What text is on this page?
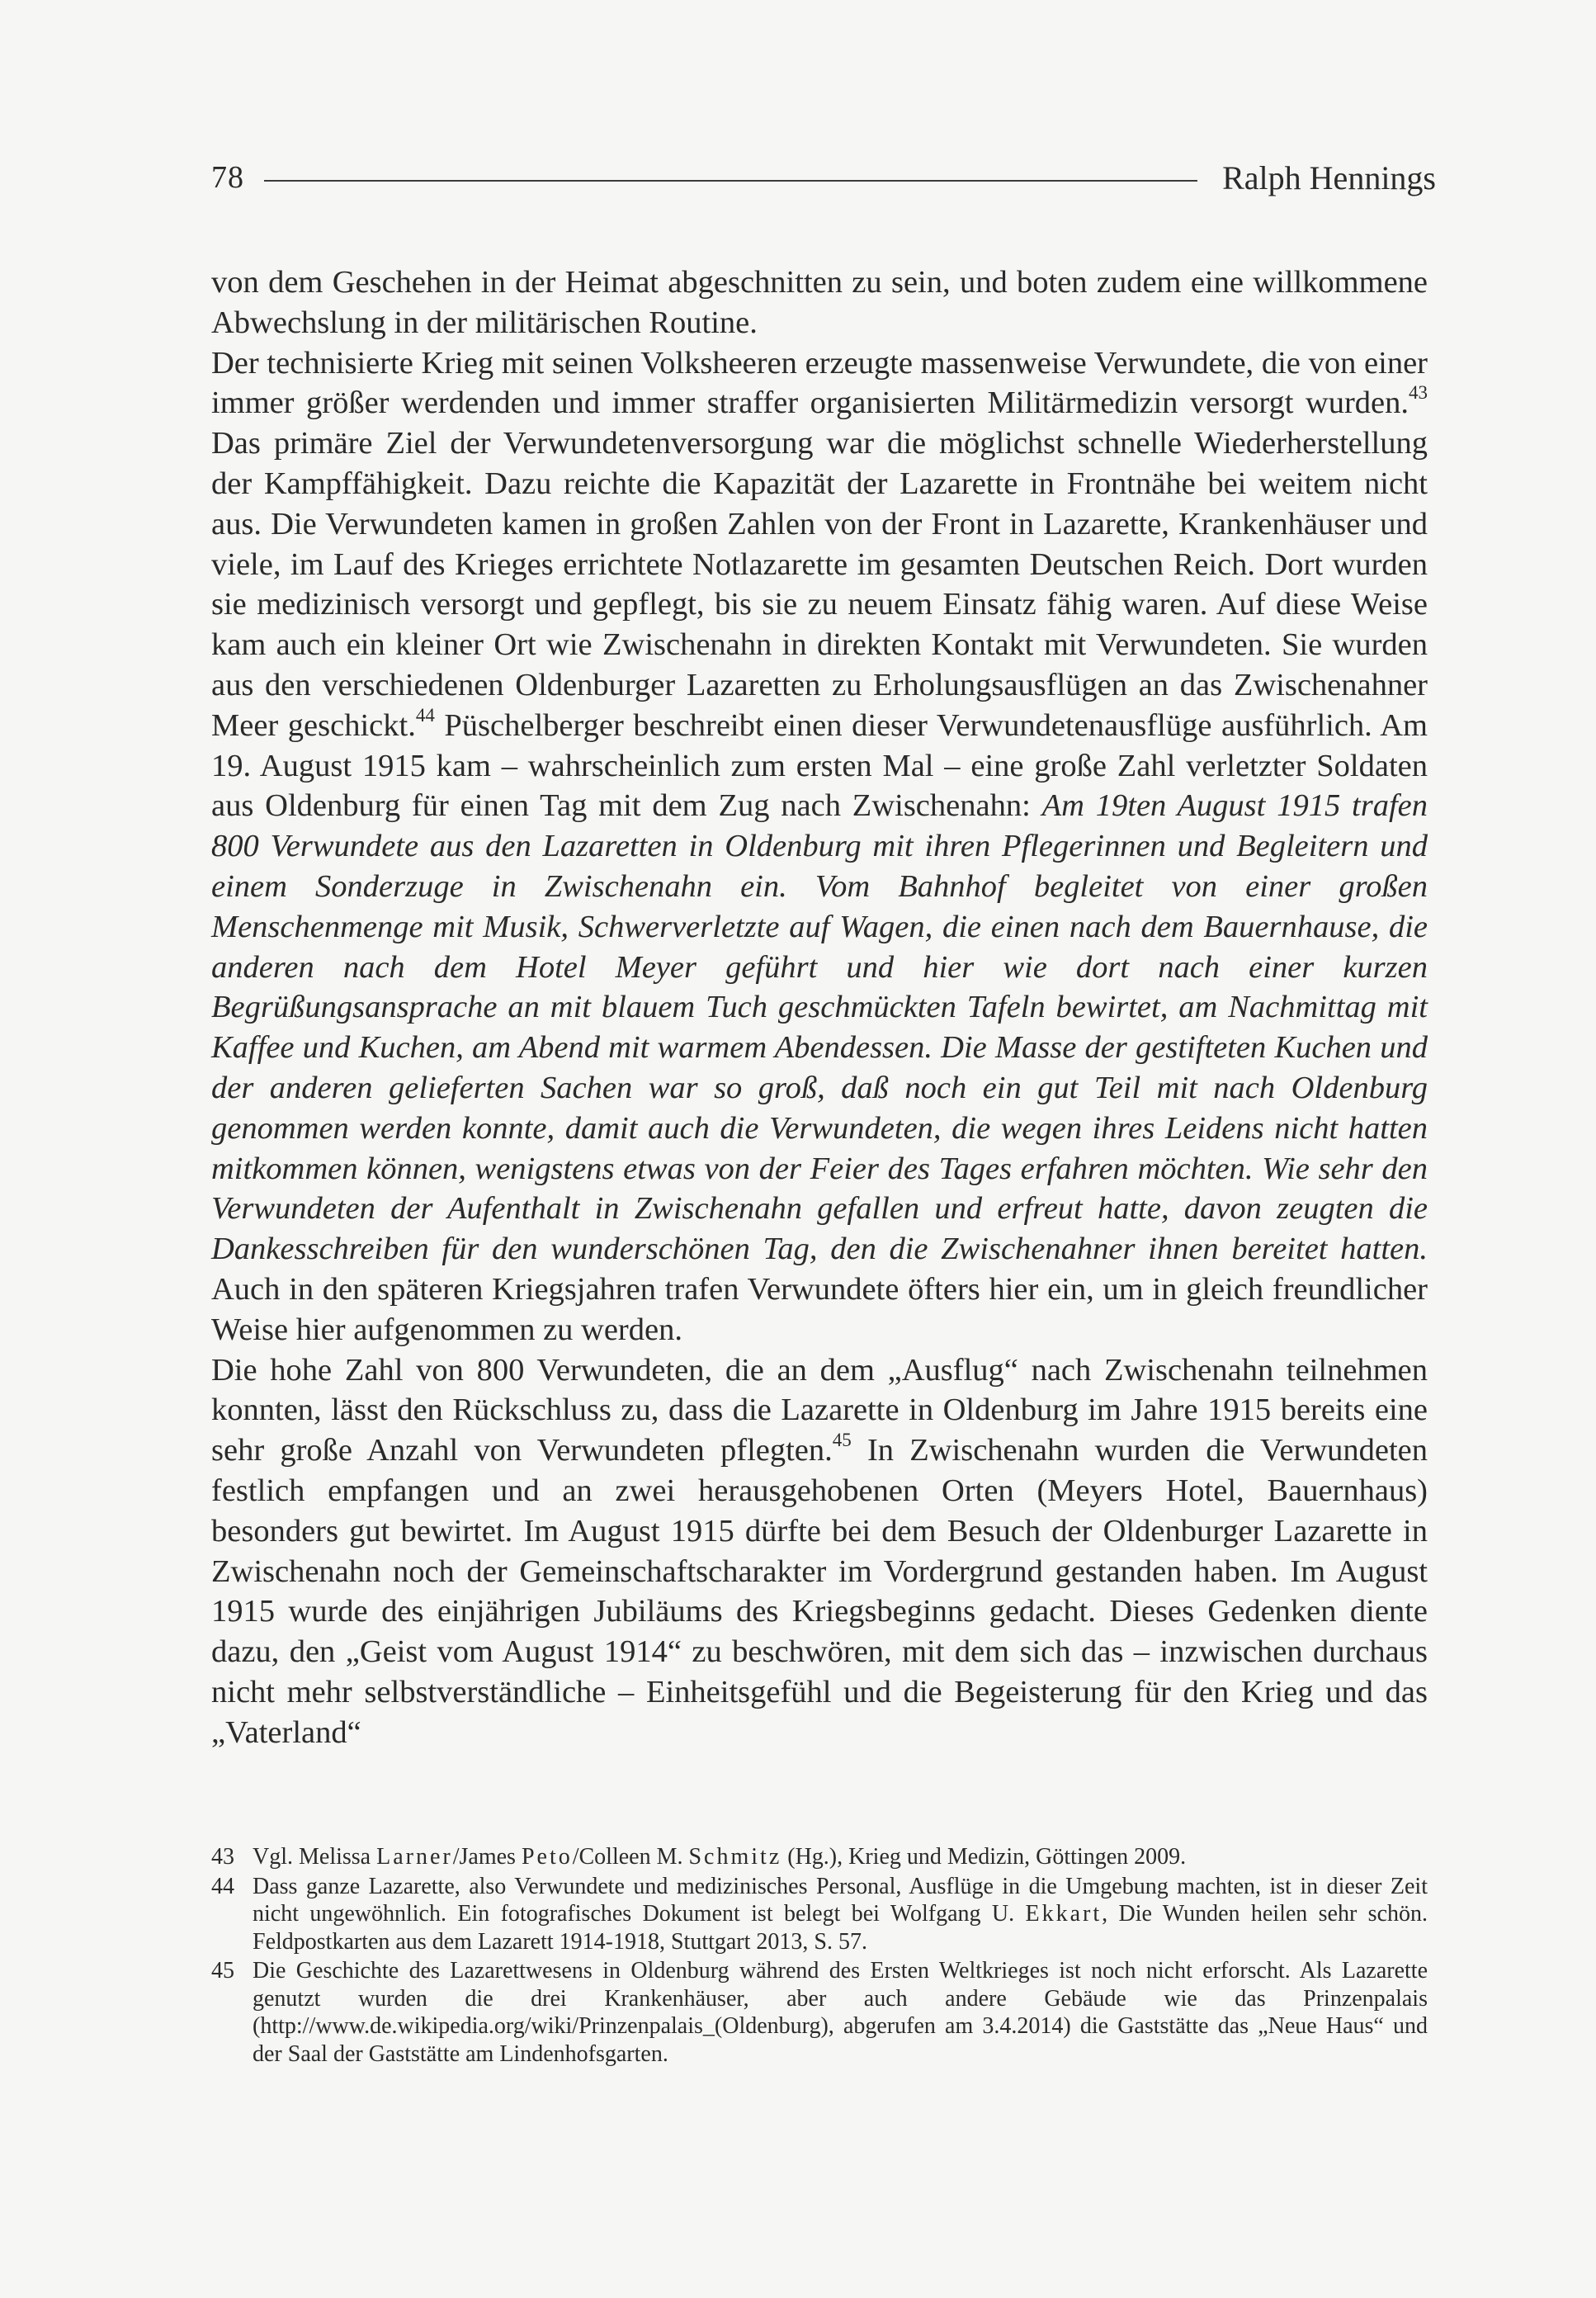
78	Ralph Hennings

von dem Geschehen in der Heimat abgeschnitten zu sein, und boten zudem eine willkommene Abwechslung in der militärischen Routine.

Der technisierte Krieg mit seinen Volksheeren erzeugte massenweise Verwundete, die von einer immer größer werdenden und immer straffer organisierten Militärmedizin versorgt wurden.$^{43}$ Das primäre Ziel der Verwundetenversorgung war die möglichst schnelle Wiederherstellung der Kampffähigkeit. Dazu reichte die Kapazität der Lazarette in Frontnähe bei weitem nicht aus. Die Verwundeten kamen in großen Zahlen von der Front in Lazarette, Krankenhäuser und viele, im Lauf des Krieges errichtete Notlazarette im gesamten Deutschen Reich. Dort wurden sie medizinisch versorgt und gepflegt, bis sie zu neuem Einsatz fähig waren. Auf diese Weise kam auch ein kleiner Ort wie Zwischenahn in direkten Kontakt mit Verwundeten. Sie wurden aus den verschiedenen Oldenburger Lazaretten zu Erholungsausflügen an das Zwischenahner Meer geschickt.$^{44}$ Püschelberger beschreibt einen dieser Verwundetenausflüge ausführlich. Am 19. August 1915 kam – wahrscheinlich zum ersten Mal – eine große Zahl verletzter Soldaten aus Oldenburg für einen Tag mit dem Zug nach Zwischenahn: Am 19ten August 1915 trafen 800 Verwundete aus den Lazaretten in Oldenburg mit ihren Pflegerinnen und Begleitern und einem Sonderzuge in Zwischenahn ein. Vom Bahnhof begleitet von einer großen Menschenmenge mit Musik, Schwerverletzte auf Wagen, die einen nach dem Bauernhause, die anderen nach dem Hotel Meyer geführt und hier wie dort nach einer kurzen Begrüßungsansprache an mit blauem Tuch geschmückten Tafeln bewirtet, am Nachmittag mit Kaffee und Kuchen, am Abend mit warmem Abendessen. Die Masse der gestifteten Kuchen und der anderen gelieferten Sachen war so groß, daß noch ein gut Teil mit nach Oldenburg genommen werden konnte, damit auch die Verwundeten, die wegen ihres Leidens nicht hatten mitkommen können, wenigstens etwas von der Feier des Tages erfahren möchten. Wie sehr den Verwundeten der Aufenthalt in Zwischenahn gefallen und erfreut hatte, davon zeugten die Dankesschreiben für den wunderschönen Tag, den die Zwischenahner ihnen bereitet hatten. Auch in den späteren Kriegsjahren trafen Verwundete öfters hier ein, um in gleich freundlicher Weise hier aufgenommen zu werden.

Die hohe Zahl von 800 Verwundeten, die an dem „Ausflug“ nach Zwischenahn teilnehmen konnten, lässt den Rückschluss zu, dass die Lazarette in Oldenburg im Jahre 1915 bereits eine sehr große Anzahl von Verwundeten pflegten.$^{45}$ In Zwischenahn wurden die Verwundeten festlich empfangen und an zwei herausgehobenen Orten (Meyers Hotel, Bauernhaus) besonders gut bewirtet. Im August 1915 dürfte bei dem Besuch der Oldenburger Lazarette in Zwischenahn noch der Gemeinschaftscharakter im Vordergrund gestanden haben. Im August 1915 wurde des einjährigen Jubiläums des Kriegsbeginns gedacht. Dieses Gedenken diente dazu, den „Geist vom August 1914“ zu beschwören, mit dem sich das – inzwischen durchaus nicht mehr selbstverständliche – Einheitsgefühl und die Begeisterung für den Krieg und das „Vaterland“

43 Vgl. Melissa Larner/James Peto/Colleen M. Schmitz (Hg.), Krieg und Medizin, Göttingen 2009.
44 Dass ganze Lazarette, also Verwundete und medizinisches Personal, Ausflüge in die Umgebung machten, ist in dieser Zeit nicht ungewöhnlich. Ein fotografisches Dokument ist belegt bei Wolfgang U. Ekkart, Die Wunden heilen sehr schön. Feldpostkarten aus dem Lazarett 1914-1918, Stuttgart 2013, S. 57.
45 Die Geschichte des Lazarettwesens in Oldenburg während des Ersten Weltkrieges ist noch nicht erforscht. Als Lazarette genutzt wurden die drei Krankenhäuser, aber auch andere Gebäude wie das Prinzenpalais (http://www.de.wikipedia.org/wiki/Prinzenpalais_(Oldenburg), abgerufen am 3.4.2014) die Gaststätte das „Neue Haus“ und der Saal der Gaststätte am Lindenhofsgarten.
